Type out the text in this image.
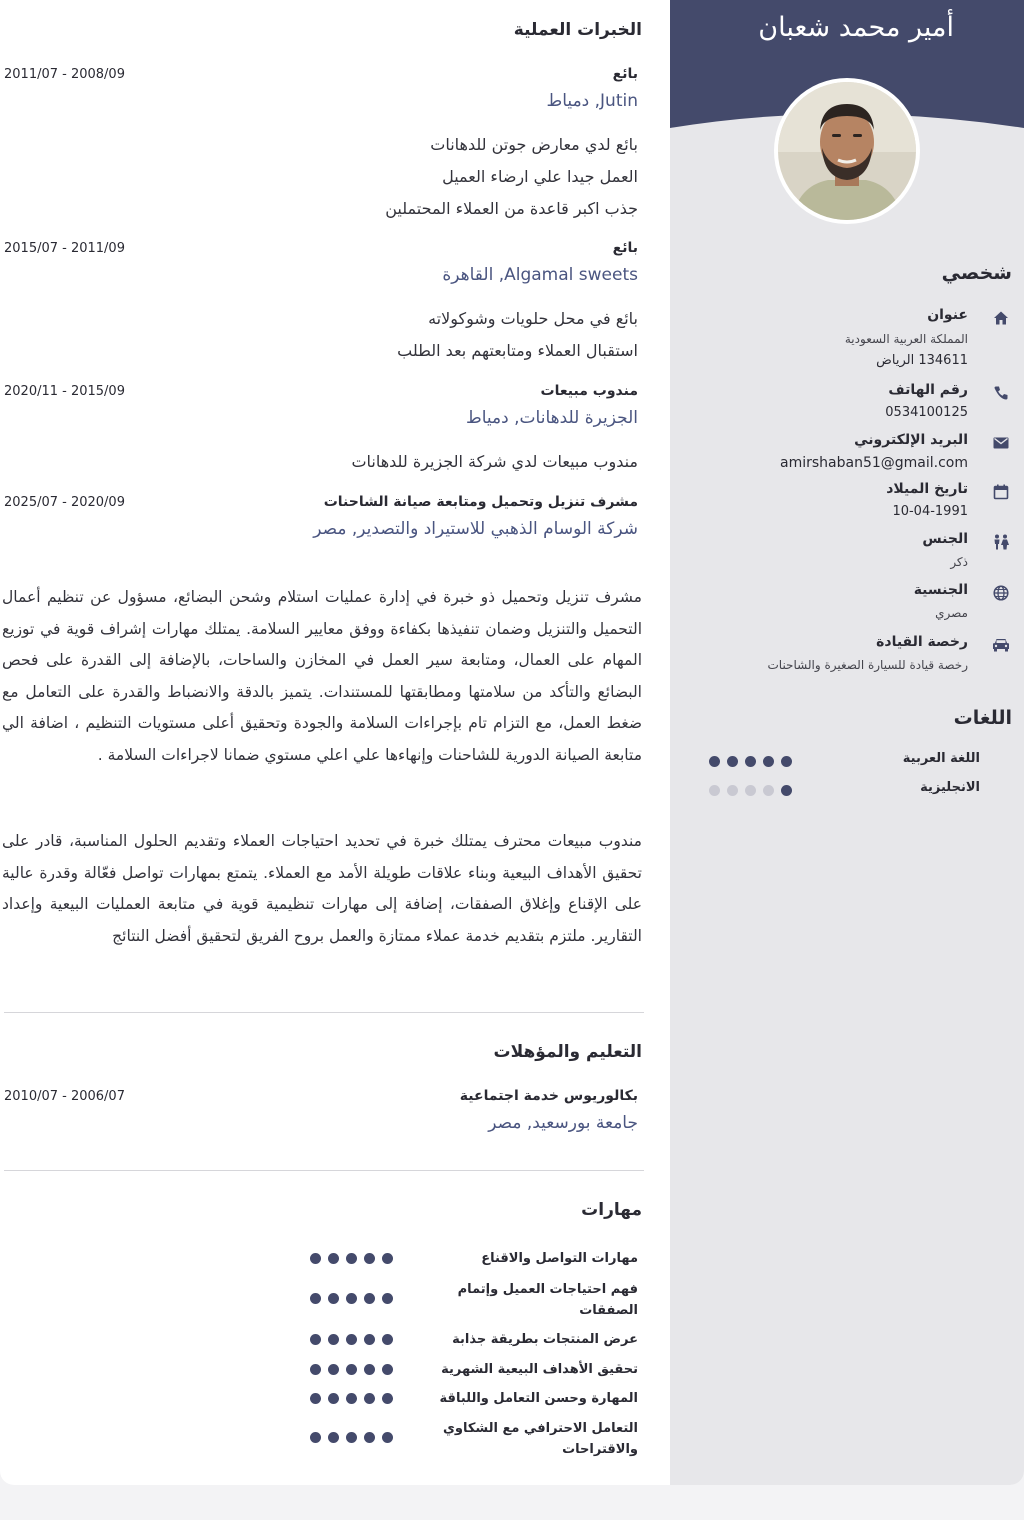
أمير محمد شعبان
شخصي
عنوان
المملكة العربية السعودية
134611 الرياض
رقم الهاتف
0534100125
البريد الإلكتروني
amirshaban51@gmail.com
تاريخ الميلاد
10-04-1991
الجنس
ذكر
الجنسية
مصري
رخصة القيادة
رخصة قيادة للسيارة الصغيرة والشاحنات
اللغات
اللغة العربية
الانجليزية
الخبرات العملية
بائع
2011/07 - 2008/09
Jutin, دمياط
بائع لدي معارض جوتن للدهانات
العمل جيدا علي ارضاء العميل
جذب اكبر قاعدة من العملاء المحتملين
بائع
2015/07 - 2011/09
Algamal sweets, القاهرة
بائع في محل حلويات وشوكولاته
استقبال العملاء ومتابعتهم بعد الطلب
مندوب مبيعات
2020/11 - 2015/09
الجزيرة للدهانات, دمياط
مندوب مبيعات لدي شركة الجزيرة للدهانات
مشرف تنزيل وتحميل ومتابعة صيانة الشاحنات
2025/07 - 2020/09
شركة الوسام الذهبي للاستيراد والتصدير, مصر
مشرف تنزيل وتحميل ذو خبرة في إدارة عمليات استلام وشحن البضائع، مسؤول عن تنظيم أعمال التحميل والتنزيل وضمان تنفيذها بكفاءة ووفق معايير السلامة. يمتلك مهارات إشراف قوية في توزيع المهام على العمال، ومتابعة سير العمل في المخازن والساحات، بالإضافة إلى القدرة على فحص البضائع والتأكد من سلامتها ومطابقتها للمستندات. يتميز بالدقة والانضباط والقدرة على التعامل مع ضغط العمل، مع التزام تام بإجراءات السلامة والجودة وتحقيق أعلى مستويات التنظيم ، اضافة الي متابعة الصيانة الدورية للشاحنات وإنهاءها علي اعلي مستوي ضمانا لاجراءات السلامة .
مندوب مبيعات محترف يمتلك خبرة في تحديد احتياجات العملاء وتقديم الحلول المناسبة، قادر على تحقيق الأهداف البيعية وبناء علاقات طويلة الأمد مع العملاء. يتمتع بمهارات تواصل فعّالة وقدرة عالية على الإقناع وإغلاق الصفقات، إضافة إلى مهارات تنظيمية قوية في متابعة العمليات البيعية وإعداد التقارير. ملتزم بتقديم خدمة عملاء ممتازة والعمل بروح الفريق لتحقيق أفضل النتائج
التعليم والمؤهلات
بكالوريوس خدمة اجتماعية
2010/07 - 2006/07
جامعة بورسعيد, مصر
مهارات
مهارات التواصل والاقناع
فهم احتياجات العميل وإتمام الصفقات
عرض المنتجات بطريقة جذابة
تحقيق الأهداف البيعية الشهرية
المهارة وحسن التعامل واللباقة
التعامل الاحترافي مع الشكاوي والاقتراحات
